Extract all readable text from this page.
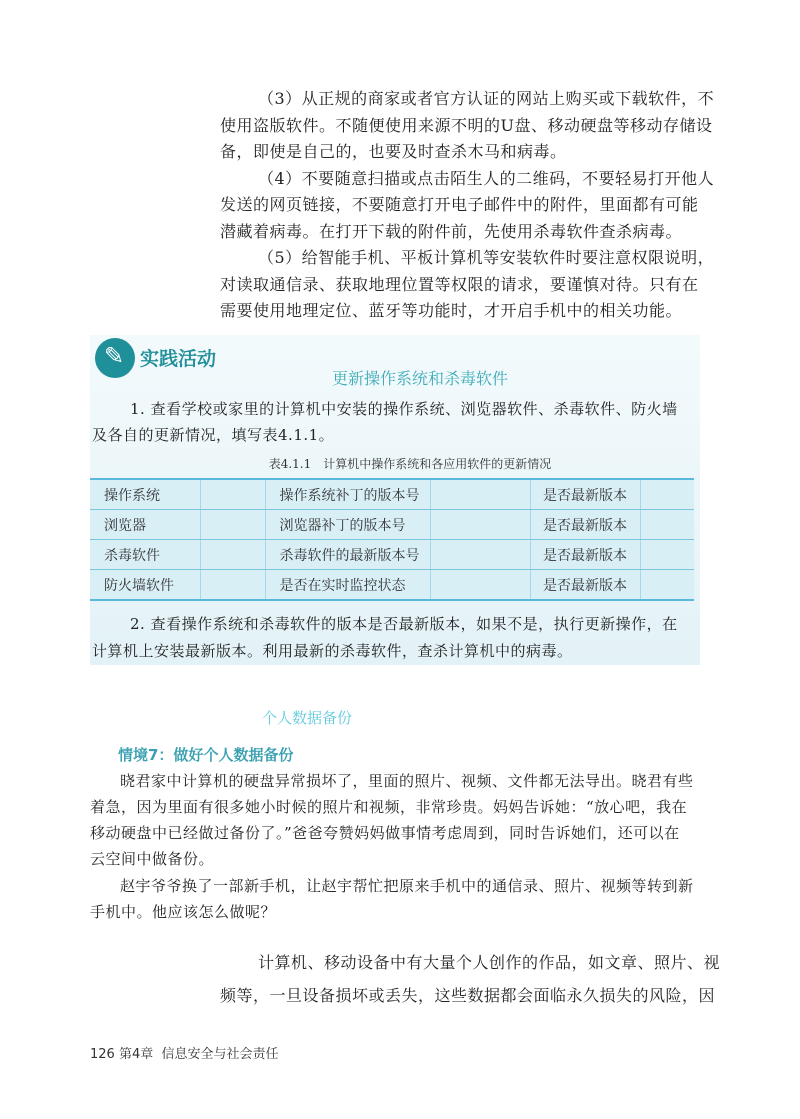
（3）从正规的商家或者官方认证的网站上购买或下载软件，不
使用盗版软件。不随便使用来源不明的U盘、移动硬盘等移动存储设
备，即使是自己的，也要及时查杀木马和病毒。
（4）不要随意扫描或点击陌生人的二维码，不要轻易打开他人
发送的网页链接，不要随意打开电子邮件中的附件，里面都有可能
潜藏着病毒。在打开下载的附件前，先使用杀毒软件查杀病毒。
（5）给智能手机、平板计算机等安装软件时要注意权限说明，
对读取通信录、获取地理位置等权限的请求，要谨慎对待。只有在
需要使用地理定位、蓝牙等功能时，才开启手机中的相关功能。
✎ 实践活动
更新操作系统和杀毒软件
1. 查看学校或家里的计算机中安装的操作系统、浏览器软件、杀毒软件、防火墙
及各自的更新情况，填写表4.1.1。
表4.1.1　计算机中操作系统和各应用软件的更新情况
操作系统		操作系统补丁的版本号		是否最新版本	
浏览器		浏览器补丁的版本号		是否最新版本	
杀毒软件		杀毒软件的最新版本号		是否最新版本	
防火墙软件		是否在实时监控状态		是否最新版本	
2. 查看操作系统和杀毒软件的版本是否最新版本，如果不是，执行更新操作，在
计算机上安装最新版本。利用最新的杀毒软件，查杀计算机中的病毒。
个人数据备份
情境7：做好个人数据备份
晓君家中计算机的硬盘异常损坏了，里面的照片、视频、文件都无法导出。晓君有些
着急，因为里面有很多她小时候的照片和视频，非常珍贵。妈妈告诉她：“放心吧，我在
移动硬盘中已经做过备份了。”爸爸夸赞妈妈做事情考虑周到，同时告诉她们，还可以在
云空间中做备份。
赵宇爷爷换了一部新手机，让赵宇帮忙把原来手机中的通信录、照片、视频等转到新
手机中。他应该怎么做呢？
计算机、移动设备中有大量个人创作的作品，如文章、照片、视
频等，一旦设备损坏或丢失，这些数据都会面临永久损失的风险，因
126 第4章 信息安全与社会责任
